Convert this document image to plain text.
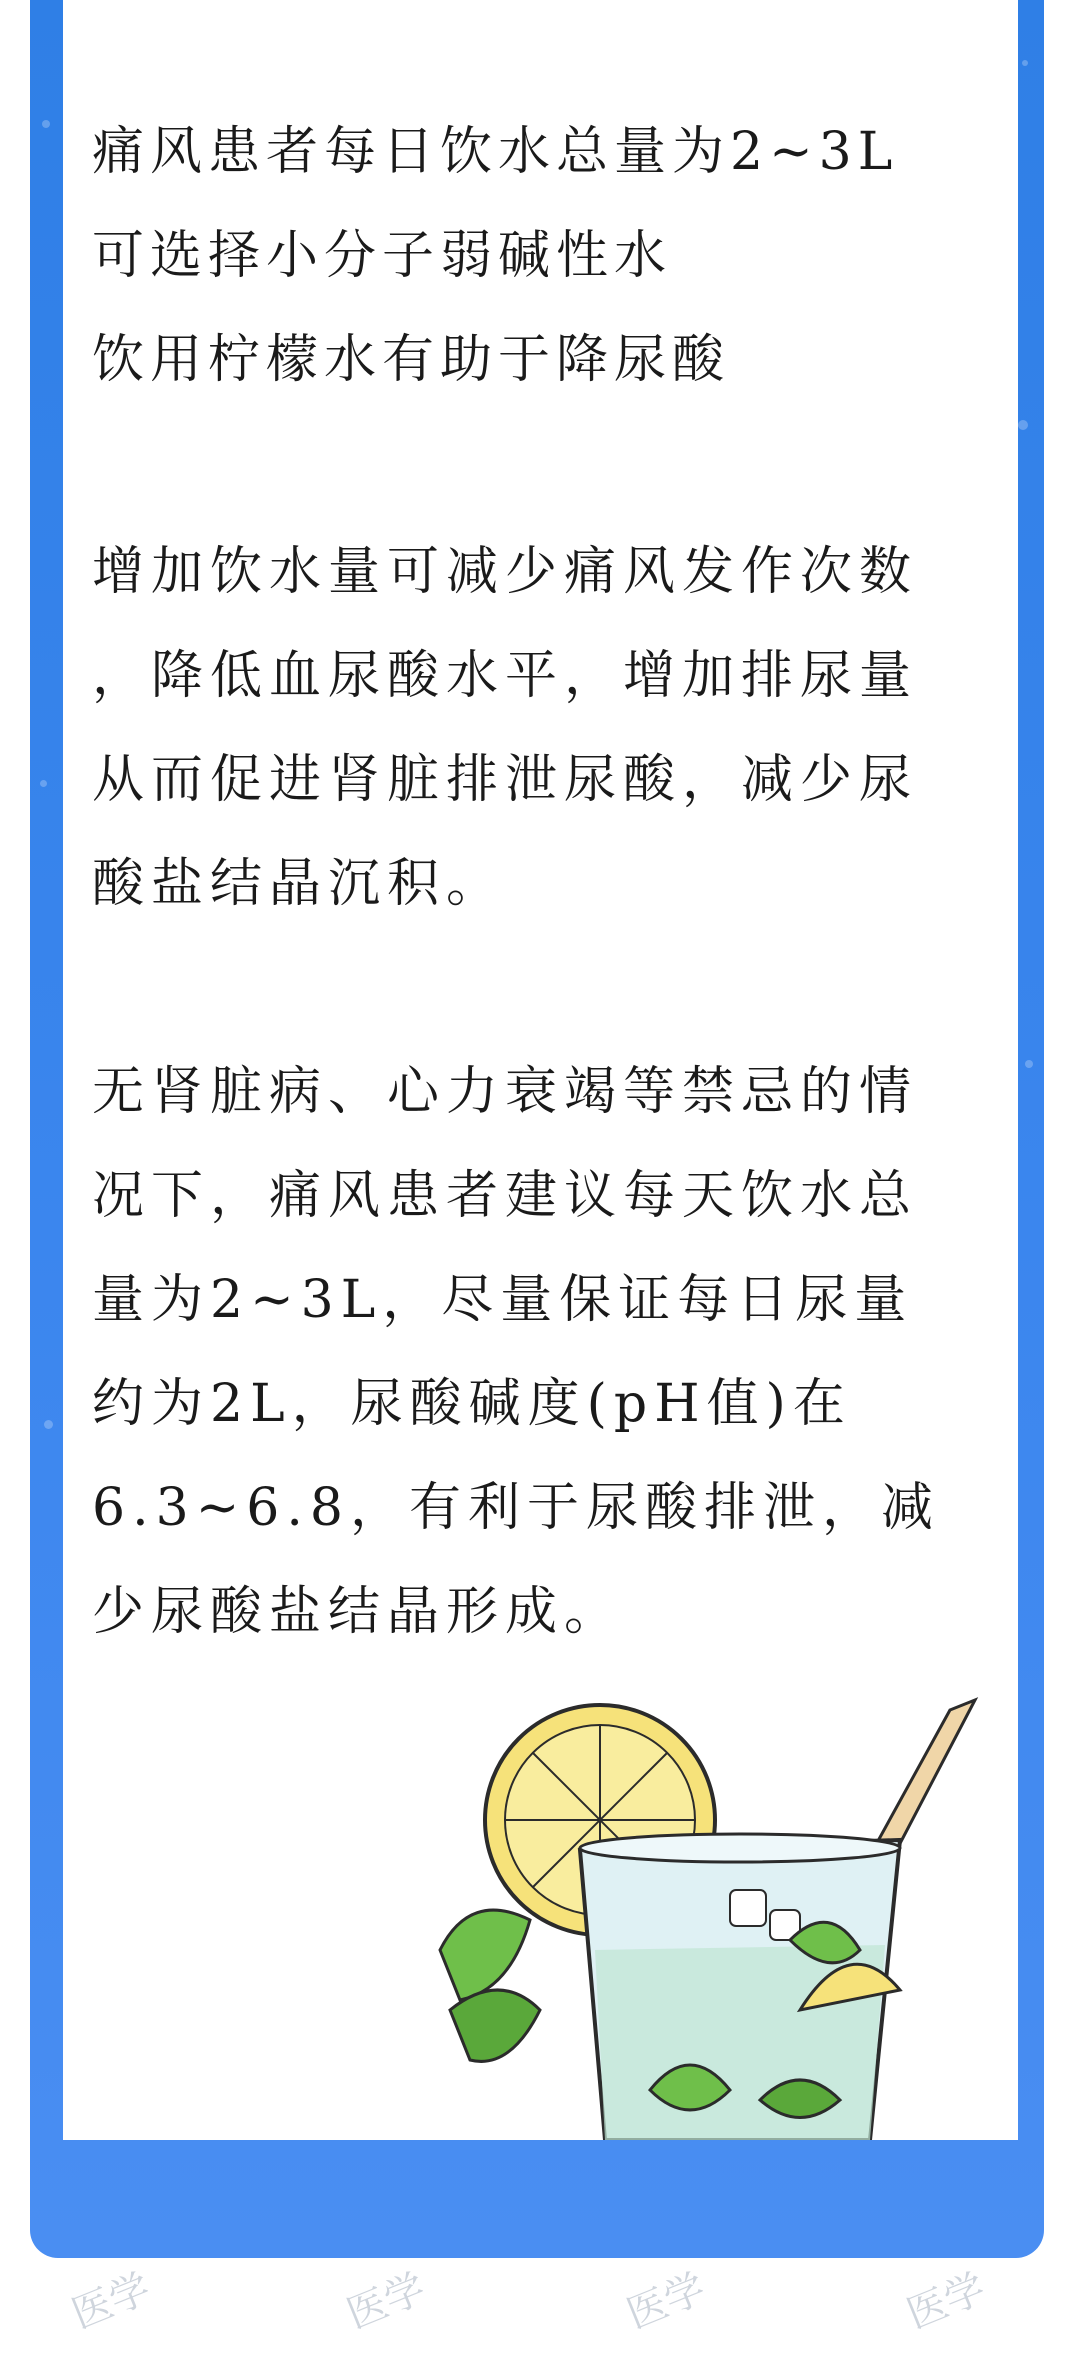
痛风患者每日饮水总量为2~3L
可选择小分子弱碱性水
饮用柠檬水有助于降尿酸
增加饮水量可减少痛风发作次数
，降低血尿酸水平，增加排尿量
从而促进肾脏排泄尿酸，减少尿
酸盐结晶沉积。
无肾脏病、心力衰竭等禁忌的情
况下，痛风患者建议每天饮水总
量为2~3L，尽量保证每日尿量
约为2L，尿酸碱度(pH值)在
6.3~6.8，有利于尿酸排泄，减
少尿酸盐结晶形成。
医学	医学	医学	医学
